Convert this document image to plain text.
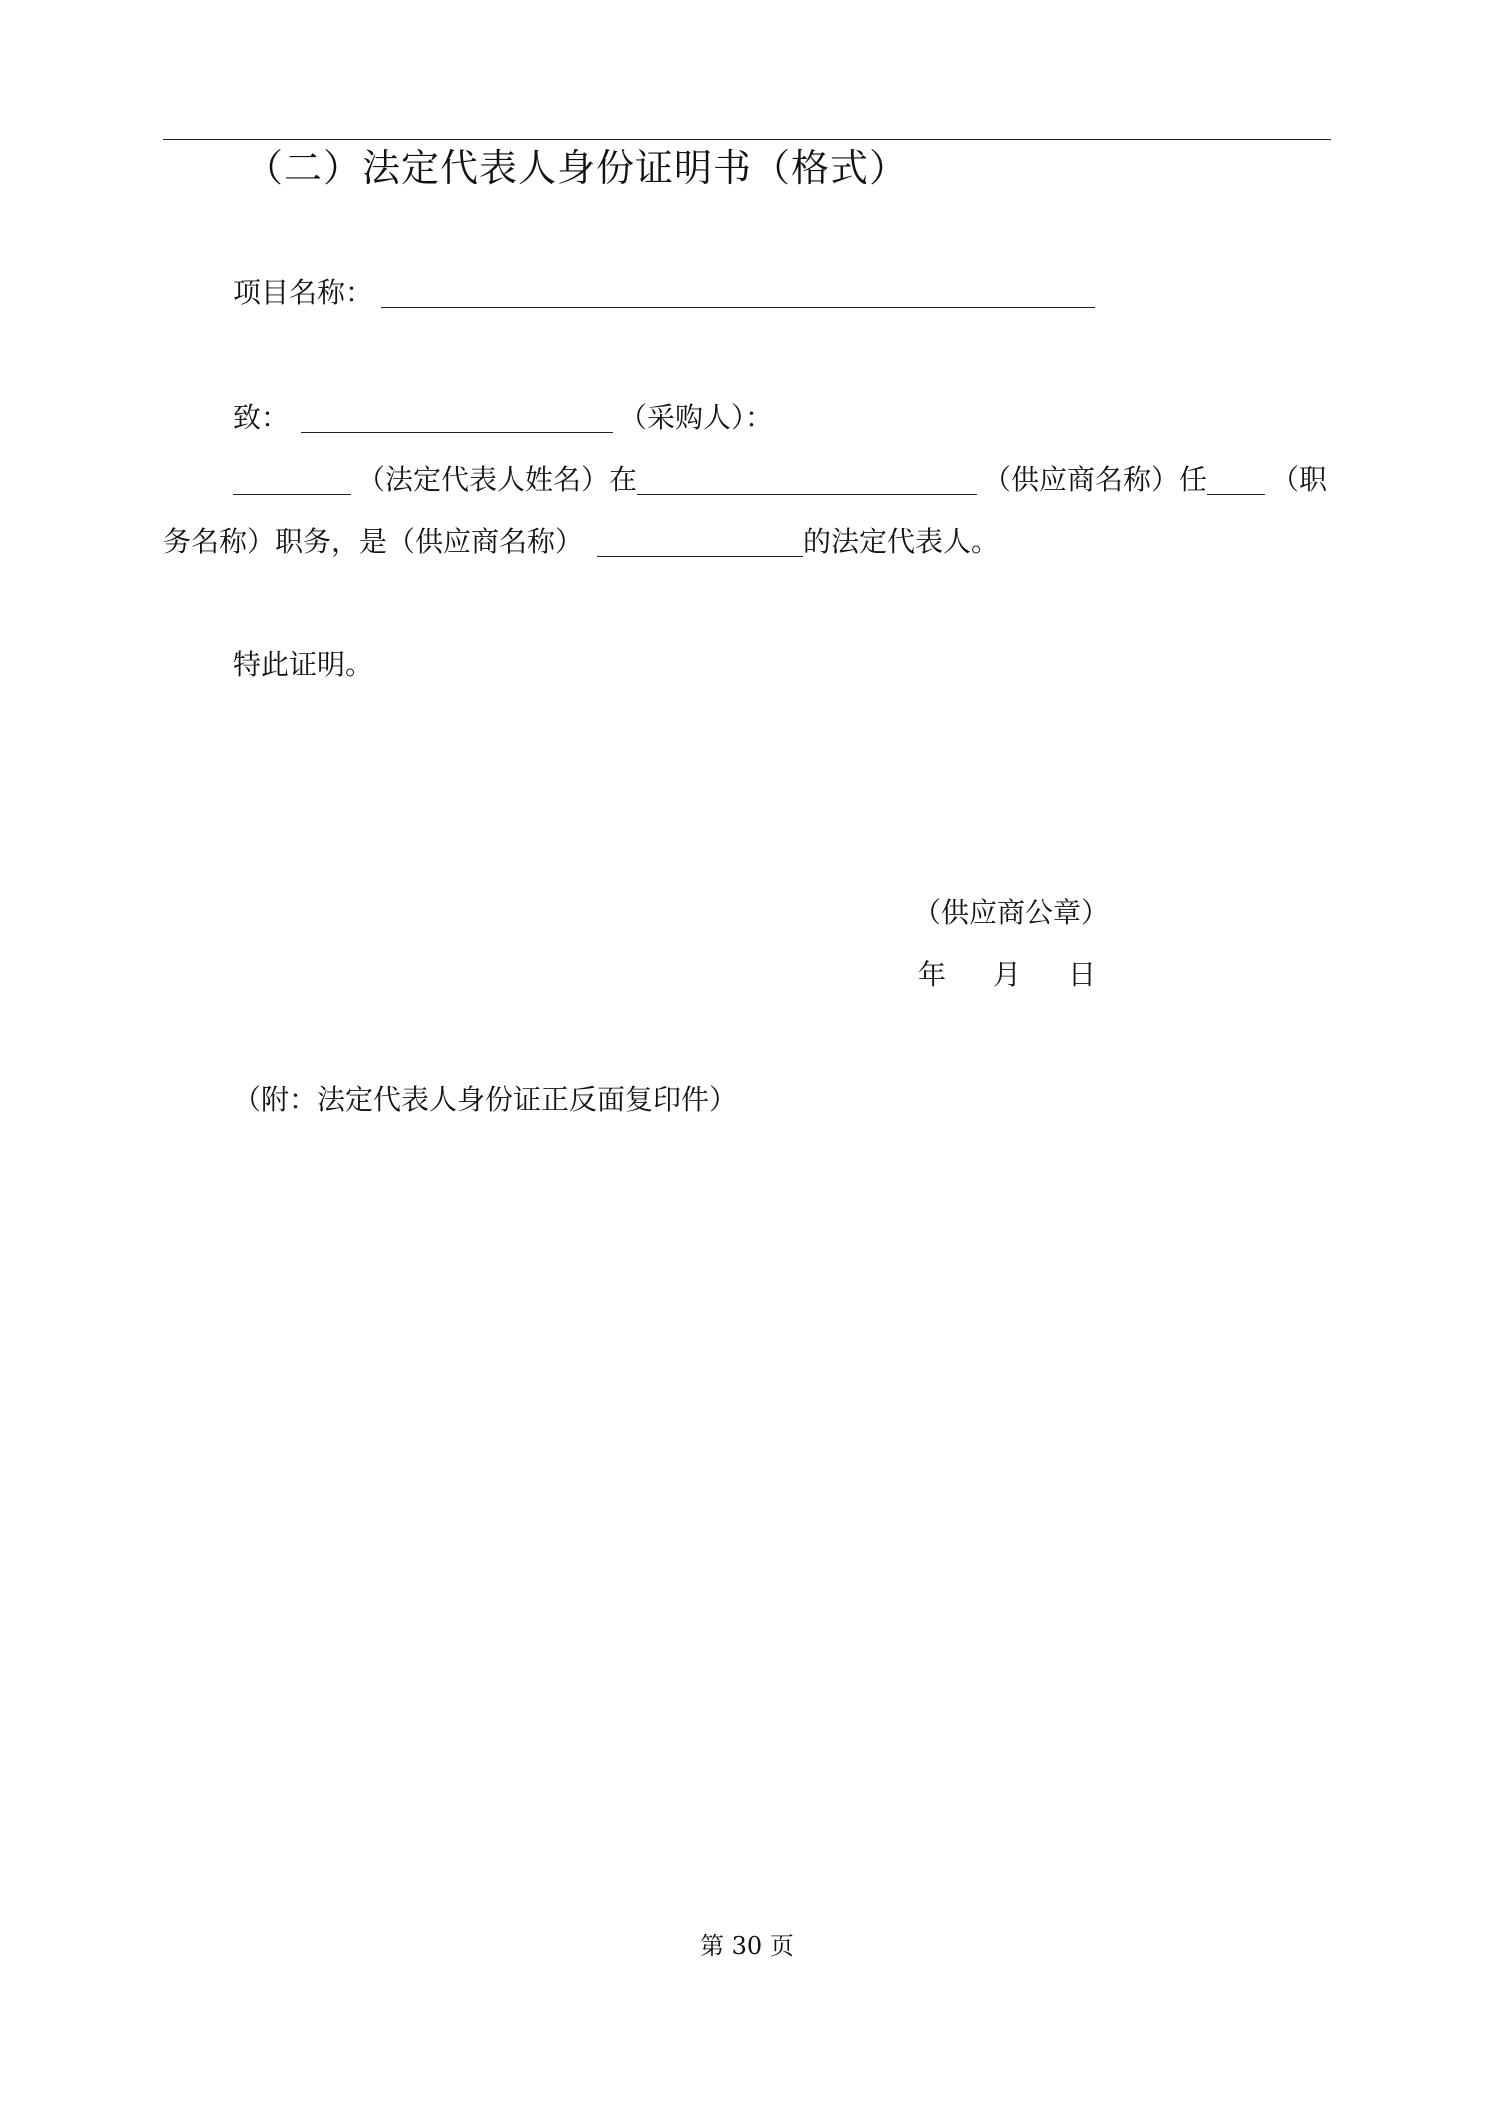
（二）法定代表人身份证明书（格式）
项目名称：
致：	（采购人）：
（法定代表人姓名）在	（供应商名称）任 （职
务名称）职务，是（供应商名称）	的法定代表人。
特此证明。
（供应商公章）
年 月 日
（附：法定代表人身份证正反面复印件）
第 30 页
